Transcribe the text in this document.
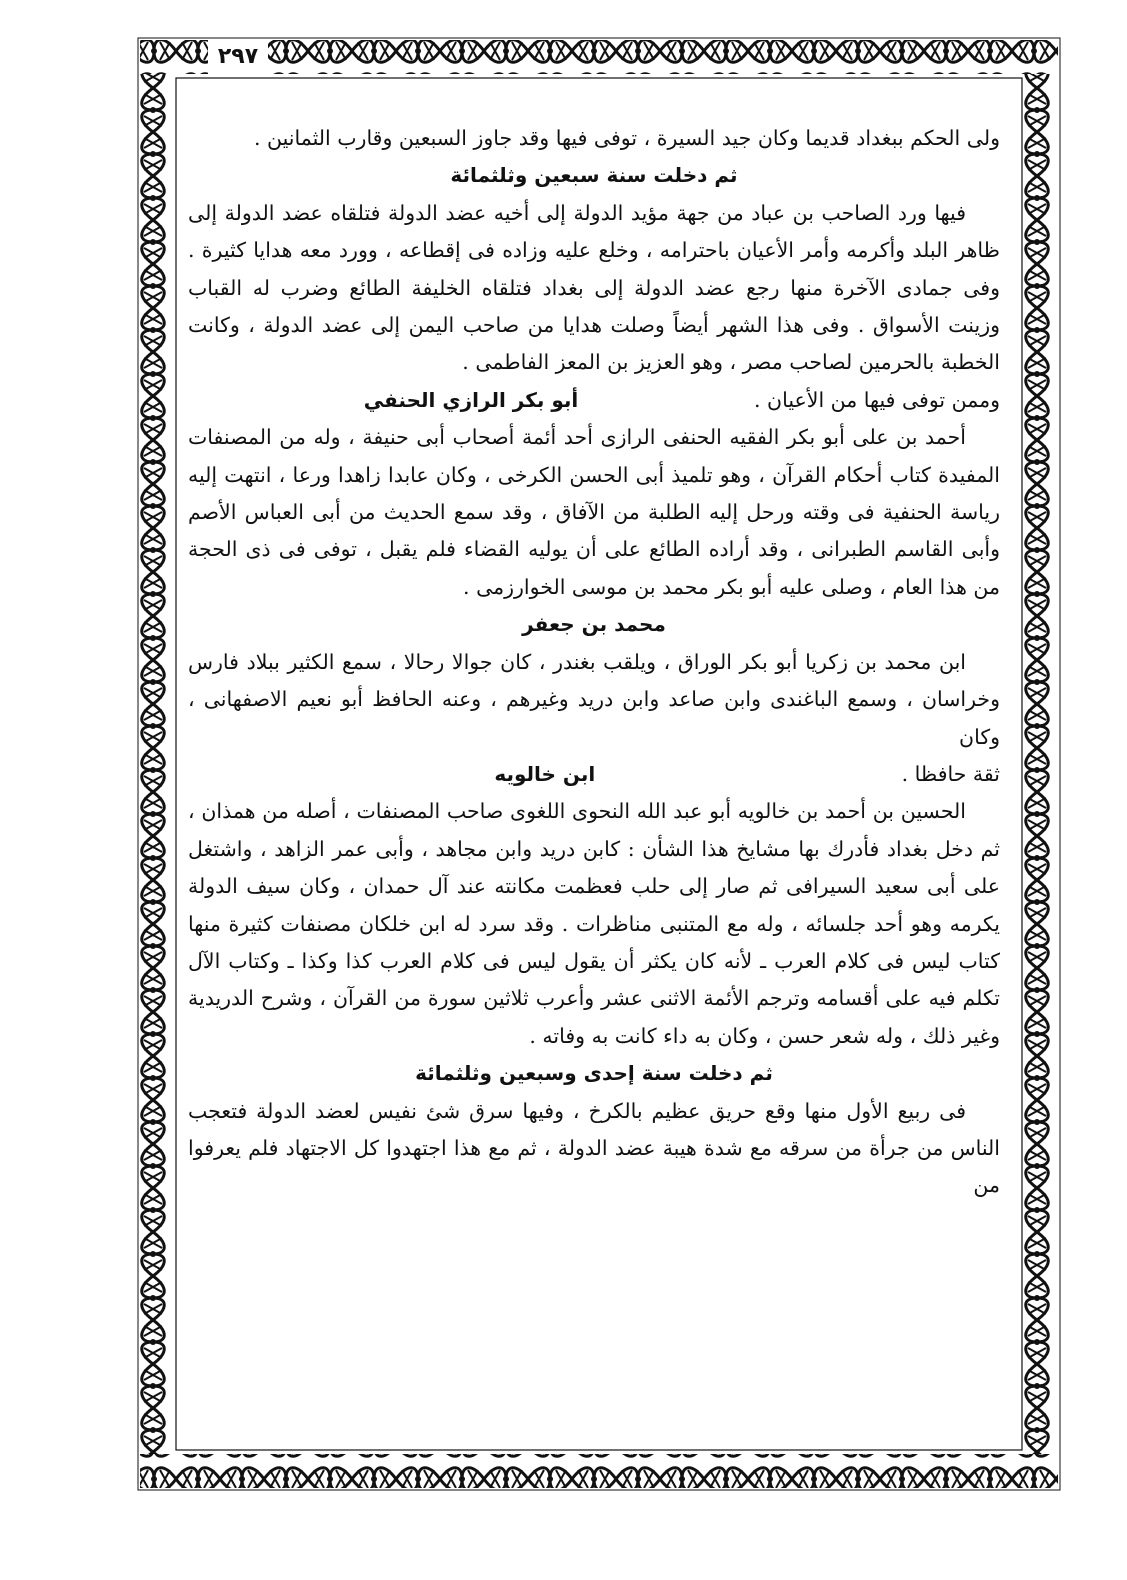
٢٩٧

ولى الحكم ببغداد قديما وكان جيد السيرة ، توفى فيها وقد جاوز السبعين وقارب الثمانين .

ثم دخلت سنة سبعين وثلثمائة

فيها ورد الصاحب بن عباد من جهة مؤيد الدولة إلى أخيه عضد الدولة فتلقاه عضد الدولة إلى ظاهر البلد وأكرمه وأمر الأعيان باحترامه ، وخلع عليه وزاده فى إقطاعه ، وورد معه هدايا كثيرة . وفى جمادى الآخرة منها رجع عضد الدولة إلى بغداد فتلقاه الخليفة الطائع وضرب له القباب وزينت الأسواق . وفى هذا الشهر أيضاً وصلت هدايا من صاحب اليمن إلى عضد الدولة ، وكانت الخطبة بالحرمين لصاحب مصر ، وهو العزيز بن المعز الفاطمى .

وممن توفى فيها من الأعيان .
أبو بكر الرازي الحنفي

أحمد بن على أبو بكر الفقيه الحنفى الرازى أحد أئمة أصحاب أبى حنيفة ، وله من المصنفات المفيدة كتاب أحكام القرآن ، وهو تلميذ أبى الحسن الكرخى ، وكان عابدا زاهدا ورعا ، انتهت إليه رياسة الحنفية فى وقته ورحل إليه الطلبة من الآفاق ، وقد سمع الحديث من أبى العباس الأصم وأبى القاسم الطبرانى ، وقد أراده الطائع على أن يوليه القضاء فلم يقبل ، توفى فى ذى الحجة من هذا العام ، وصلى عليه أبو بكر محمد بن موسى الخوارزمى .

محمد بن جعفر

ابن محمد بن زكريا أبو بكر الوراق ، ويلقب بغندر ، كان جوالا رحالا ، سمع الكثير ببلاد فارس وخراسان ، وسمع الباغندى وابن صاعد وابن دريد وغيرهم ، وعنه الحافظ أبو نعيم الاصفهانى ، وكان

ثقة حافظا .
ابن خالويه

الحسين بن أحمد بن خالويه أبو عبد الله النحوى اللغوى صاحب المصنفات ، أصله من همذان ، ثم دخل بغداد فأدرك بها مشايخ هذا الشأن : كابن دريد وابن مجاهد ، وأبى عمر الزاهد ، واشتغل على أبى سعيد السيرافى ثم صار إلى حلب فعظمت مكانته عند آل حمدان ، وكان سيف الدولة يكرمه وهو أحد جلسائه ، وله مع المتنبى مناظرات . وقد سرد له ابن خلكان مصنفات كثيرة منها كتاب ليس فى كلام العرب ـ لأنه كان يكثر أن يقول ليس فى كلام العرب كذا وكذا ـ وكتاب الآل تكلم فيه على أقسامه وترجم الأئمة الاثنى عشر وأعرب ثلاثين سورة من القرآن ، وشرح الدريدية وغير ذلك ، وله شعر حسن ، وكان به داء كانت به وفاته .

ثم دخلت سنة إحدى وسبعين وثلثمائة

فى ربيع الأول منها وقع حريق عظيم بالكرخ ، وفيها سرق شئ نفيس لعضد الدولة فتعجب الناس من جرأة من سرقه مع شدة هيبة عضد الدولة ، ثم مع هذا اجتهدوا كل الاجتهاد فلم يعرفوا من
